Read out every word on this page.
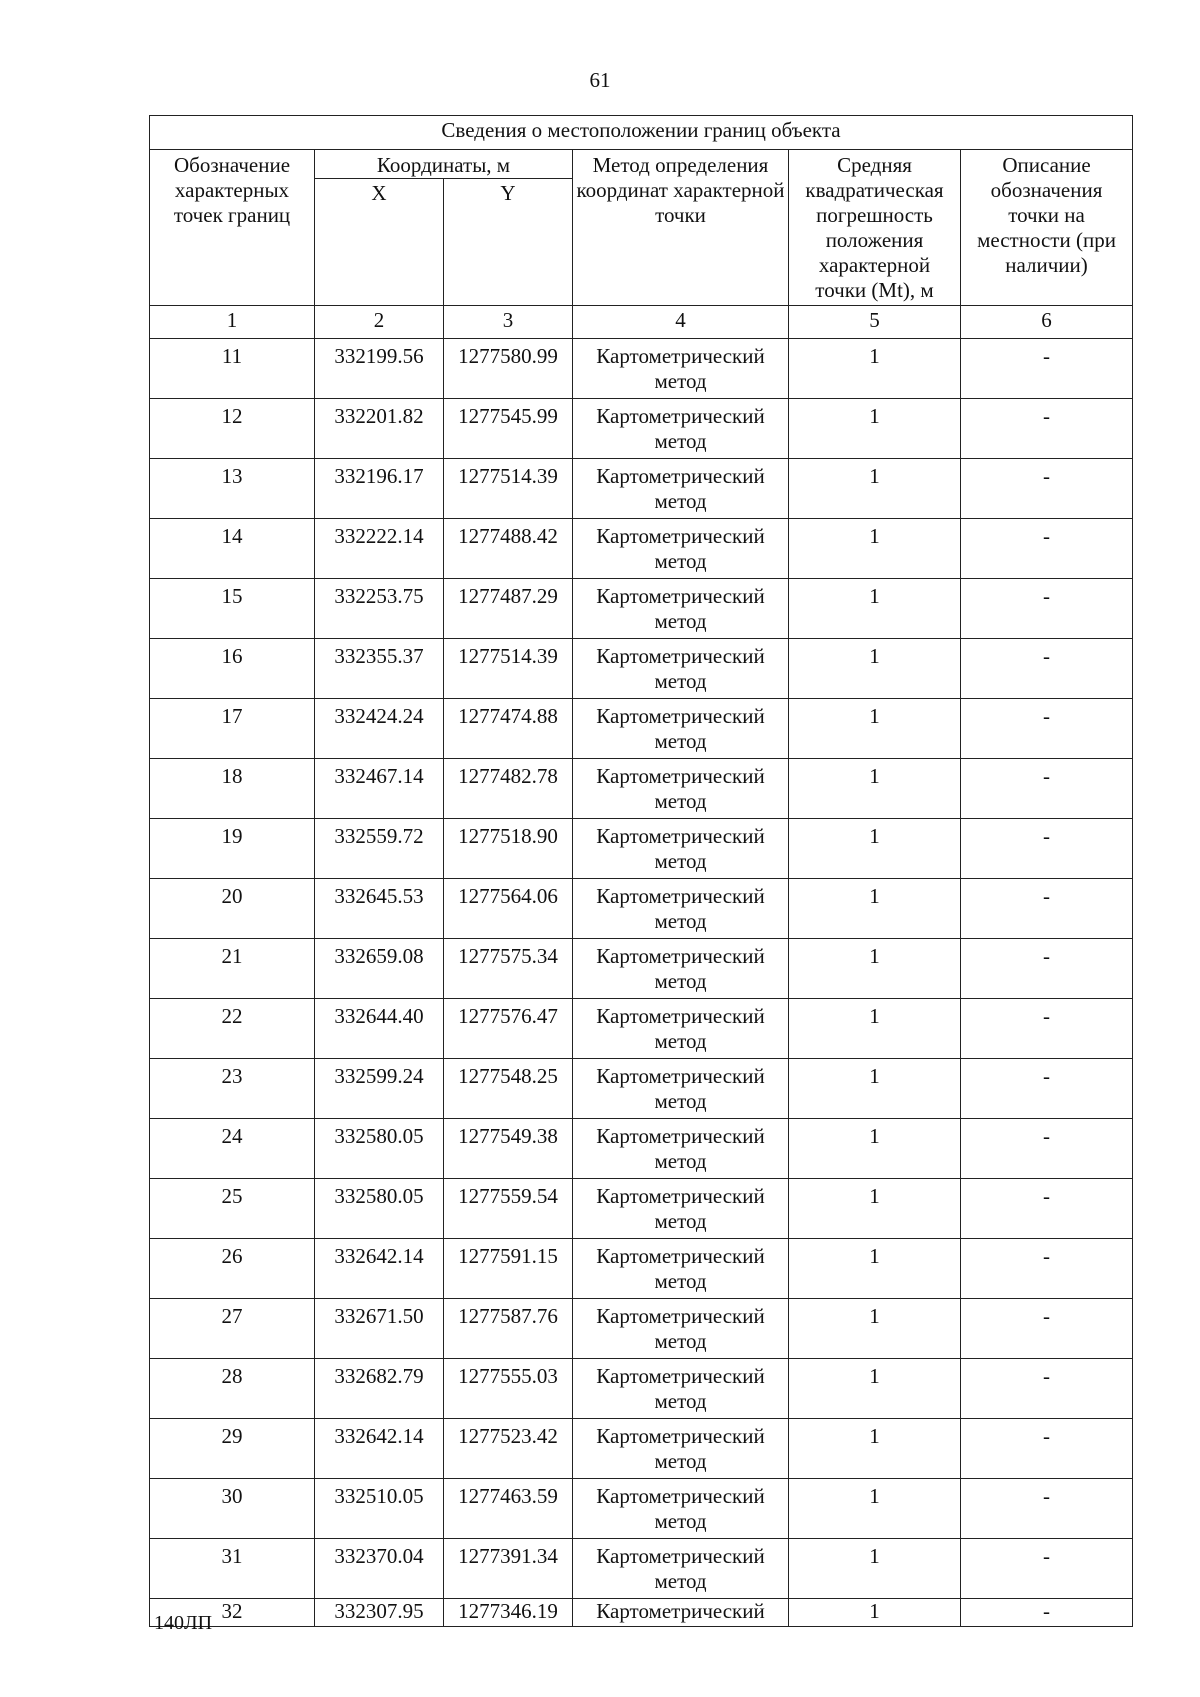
61
Сведения о местоположении границ объекта					
Обозначение характерных точек границ	Координаты, м		Метод определения координат характерной точки	Средняя квадратическая погрешность положения характерной точки (Mt), м	Описание обозначения точки на местности (при наличии)
	X	Y			
1	2	3	4	5	6
11	332199.56	1277580.99	Картометрический метод	1	-
12	332201.82	1277545.99	Картометрический метод	1	-
13	332196.17	1277514.39	Картометрический метод	1	-
14	332222.14	1277488.42	Картометрический метод	1	-
15	332253.75	1277487.29	Картометрический метод	1	-
16	332355.37	1277514.39	Картометрический метод	1	-
17	332424.24	1277474.88	Картометрический метод	1	-
18	332467.14	1277482.78	Картометрический метод	1	-
19	332559.72	1277518.90	Картометрический метод	1	-
20	332645.53	1277564.06	Картометрический метод	1	-
21	332659.08	1277575.34	Картометрический метод	1	-
22	332644.40	1277576.47	Картометрический метод	1	-
23	332599.24	1277548.25	Картометрический метод	1	-
24	332580.05	1277549.38	Картометрический метод	1	-
25	332580.05	1277559.54	Картометрический метод	1	-
26	332642.14	1277591.15	Картометрический метод	1	-
27	332671.50	1277587.76	Картометрический метод	1	-
28	332682.79	1277555.03	Картометрический метод	1	-
29	332642.14	1277523.42	Картометрический метод	1	-
30	332510.05	1277463.59	Картометрический метод	1	-
31	332370.04	1277391.34	Картометрический метод	1	-
32	332307.95	1277346.19	Картометрический	1	-
140ЛП
